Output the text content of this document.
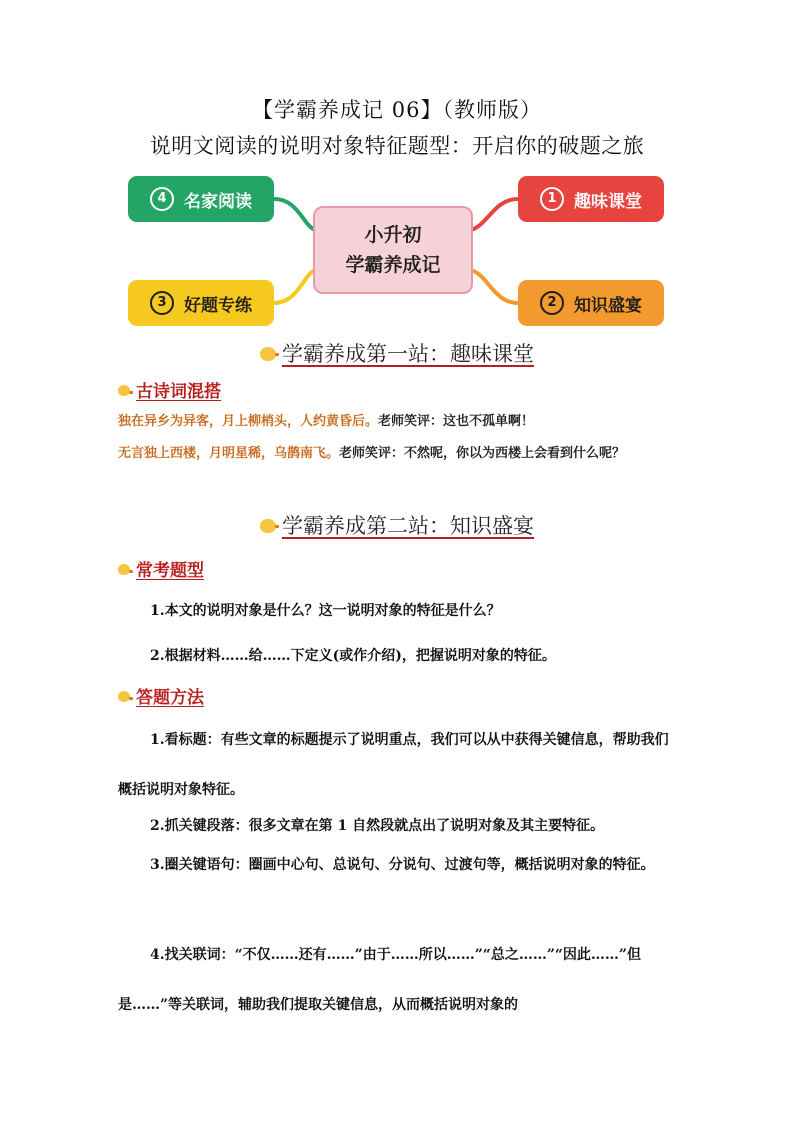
【学霸养成记 06】（教师版）
说明文阅读的说明对象特征题型：开启你的破题之旅
小升初
学霸养成记
4	名家阅读	1	趣味课堂
3	好题专练	2	知识盛宴
学霸养成第一站：趣味课堂
古诗词混搭
独在异乡为异客，月上柳梢头，人约黄昏后。老师笑评：这也不孤单啊！
无言独上西楼，月明星稀，乌鹊南飞。老师笑评：不然呢，你以为西楼上会看到什么呢？
学霸养成第二站：知识盛宴
常考题型
1.本文的说明对象是什么？这一说明对象的特征是什么？
2.根据材料……给……下定义(或作介绍)，把握说明对象的特征。
答题方法
1.看标题：有些文章的标题提示了说明重点，我们可以从中获得关键信息，帮助我们概括说明对象特征。
2.抓关键段落：很多文章在第 1 自然段就点出了说明对象及其主要特征。
3.圈关键语句：圈画中心句、总说句、分说句、过渡句等，概括说明对象的特征。
4.找关联词：“不仅……还有……”由于……所以……”“总之……”“因此……”但是……”等关联词，辅助我们提取关键信息，从而概括说明对象的
